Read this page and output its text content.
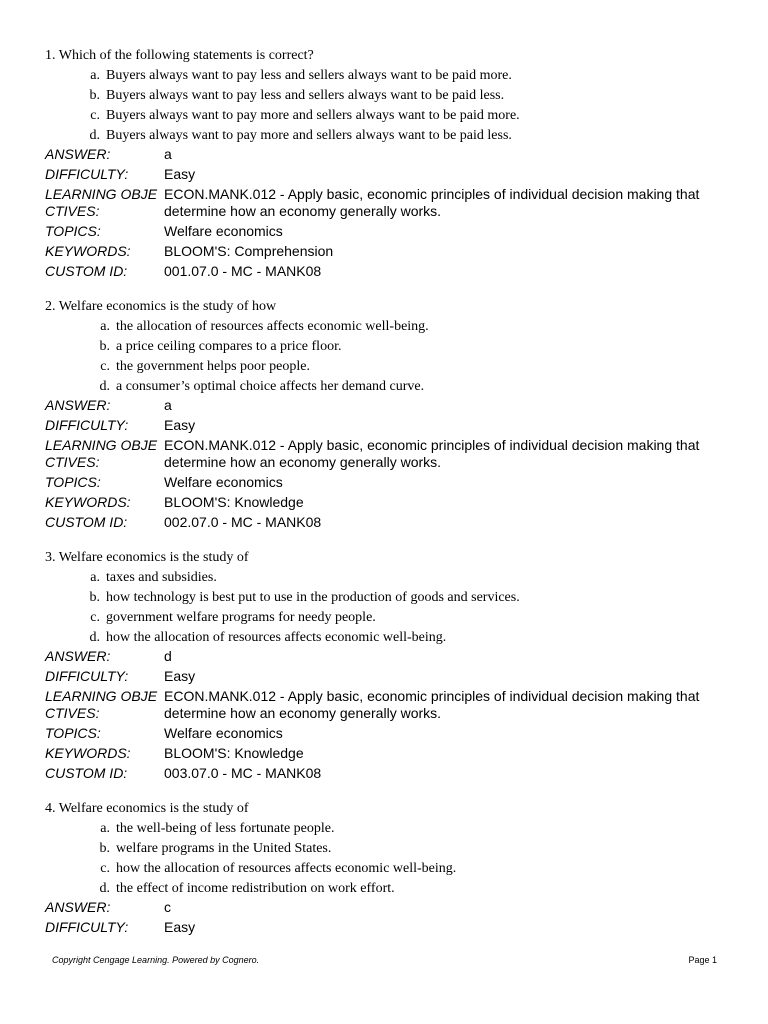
1. Which of the following statements is correct?
a. Buyers always want to pay less and sellers always want to be paid more.
b. Buyers always want to pay less and sellers always want to be paid less.
c. Buyers always want to pay more and sellers always want to be paid more.
d. Buyers always want to pay more and sellers always want to be paid less.
ANSWER:	a
DIFFICULTY:	Easy
LEARNING OBJECTIVES:
ECON.MANK.012 - Apply basic, economic principles of individual decision making that determine how an economy generally works.
TOPICS:	Welfare economics
KEYWORDS:	BLOOM'S: Comprehension
CUSTOM ID:	001.07.0 - MC - MANK08
2. Welfare economics is the study of how
a. the allocation of resources affects economic well-being.
b. a price ceiling compares to a price floor.
c. the government helps poor people.
d. a consumer’s optimal choice affects her demand curve.
ANSWER:	a
DIFFICULTY:	Easy
LEARNING OBJECTIVES:
ECON.MANK.012 - Apply basic, economic principles of individual decision making that determine how an economy generally works.
TOPICS:	Welfare economics
KEYWORDS:	BLOOM'S: Knowledge
CUSTOM ID:	002.07.0 - MC - MANK08
3. Welfare economics is the study of
a. taxes and subsidies.
b. how technology is best put to use in the production of goods and services.
c. government welfare programs for needy people.
d. how the allocation of resources affects economic well-being.
ANSWER:	d
DIFFICULTY:	Easy
LEARNING OBJECTIVES:
ECON.MANK.012 - Apply basic, economic principles of individual decision making that determine how an economy generally works.
TOPICS:	Welfare economics
KEYWORDS:	BLOOM'S: Knowledge
CUSTOM ID:	003.07.0 - MC - MANK08
4. Welfare economics is the study of
a. the well-being of less fortunate people.
b. welfare programs in the United States.
c. how the allocation of resources affects economic well-being.
d. the effect of income redistribution on work effort.
ANSWER:	c
DIFFICULTY:	Easy
Copyright Cengage Learning. Powered by Cognero.	Page 1
